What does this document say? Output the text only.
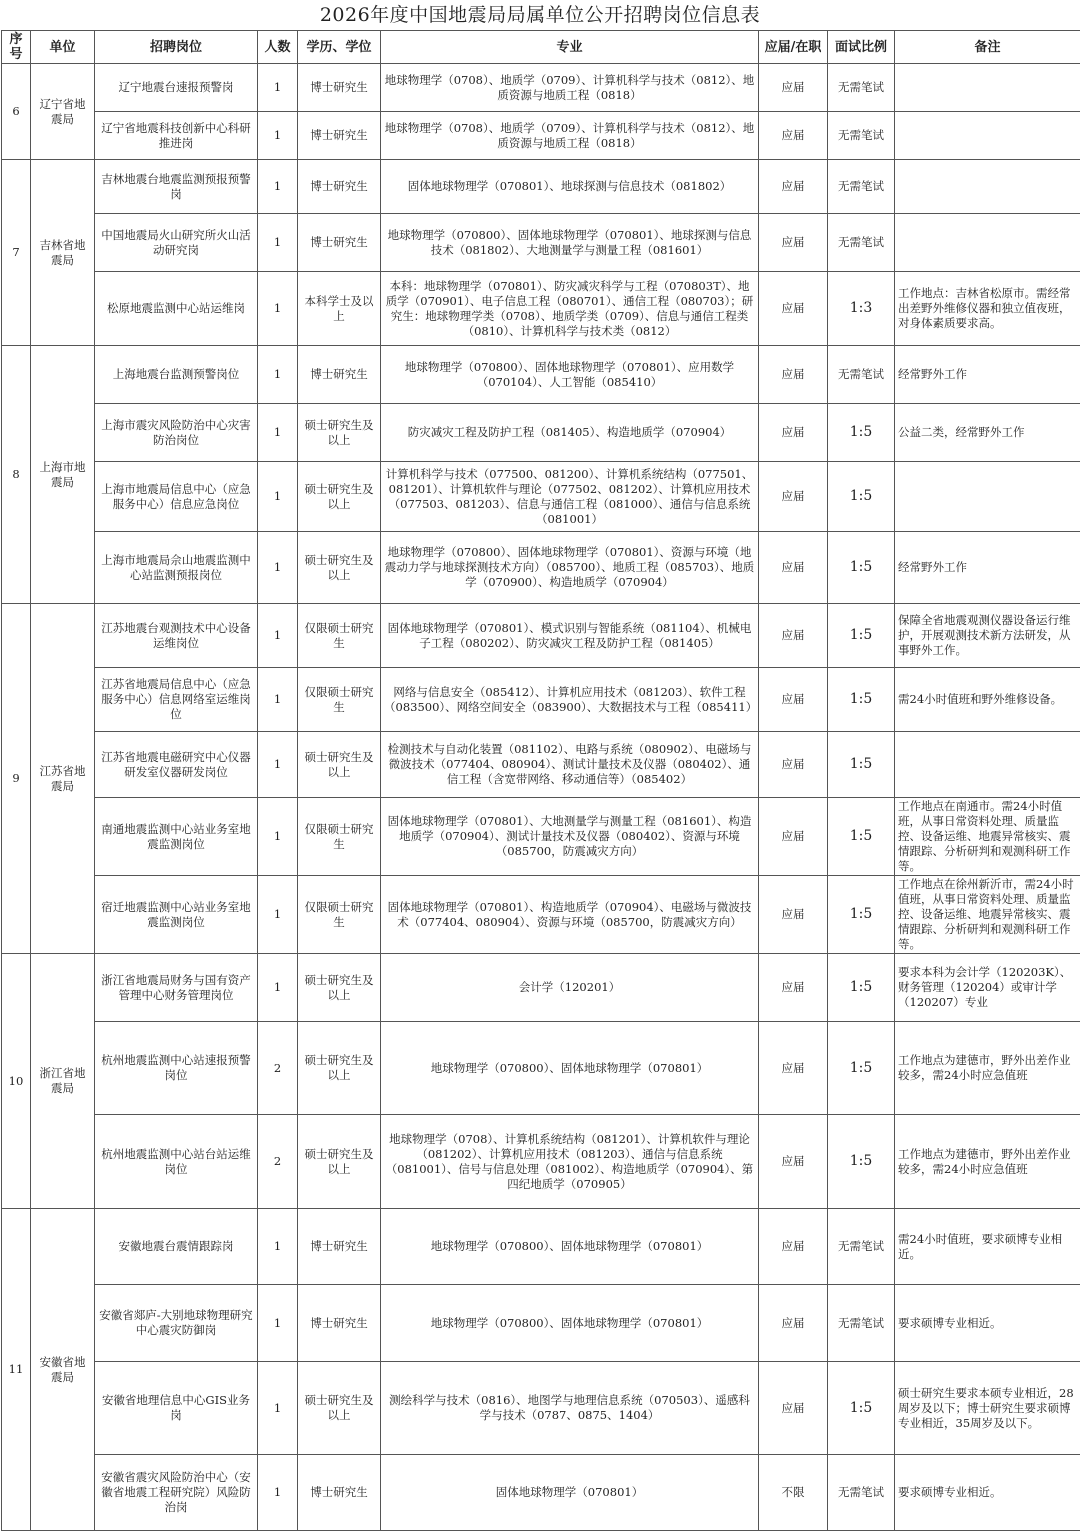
2026年度中国地震局局属单位公开招聘岗位信息表
序号	单位	招聘岗位	人数	学历、学位	专业	应届/在职	面试比例	备注
6	辽宁省地震局	辽宁地震台速报预警岗	1	博士研究生	地球物理学（0708）、地质学（0709）、计算机科学与技术（0812）、地质资源与地质工程（0818）	应届	无需笔试	
		辽宁省地震科技创新中心科研推进岗	1	博士研究生	地球物理学（0708）、地质学（0709）、计算机科学与技术（0812）、地质资源与地质工程（0818）	应届	无需笔试	
7	吉林省地震局	吉林地震台地震监测预报预警岗	1	博士研究生	固体地球物理学（070801）、地球探测与信息技术（081802）	应届	无需笔试	
		中国地震局火山研究所火山活动研究岗	1	博士研究生	地球物理学（070800）、固体地球物理学（070801）、地球探测与信息技术（081802）、大地测量学与测量工程（081601）	应届	无需笔试	
		松原地震监测中心站运维岗	1	本科学士及以上	本科：地球物理学（070801）、防灾减灾科学与工程（070803T）、地质学（070901）、电子信息工程（080701）、通信工程（080703）；研究生：地球物理学类（0708）、地质学类（0709）、信息与通信工程类（0810）、计算机科学与技术类（0812）	应届	1:3	工作地点：吉林省松原市。需经常出差野外维修仪器和独立值夜班，对身体素质要求高。
8	上海市地震局	上海地震台监测预警岗位	1	博士研究生	地球物理学（070800）、固体地球物理学（070801）、应用数学（070104）、人工智能（085410）	应届	无需笔试	经常野外工作
		上海市震灾风险防治中心灾害防治岗位	1	硕士研究生及以上	防灾减灾工程及防护工程（081405）、构造地质学（070904）	应届	1:5	公益二类，经常野外工作
		上海市地震局信息中心（应急服务中心）信息应急岗位	1	硕士研究生及以上	计算机科学与技术（077500、081200）、计算机系统结构（077501、081201）、计算机软件与理论（077502、081202）、计算机应用技术（077503、081203）、信息与通信工程（081000）、通信与信息系统（081001）	应届	1:5	
		上海市地震局佘山地震监测中心站监测预报岗位	1	硕士研究生及以上	地球物理学（070800）、固体地球物理学（070801）、资源与环境（地震动力学与地球探测技术方向）（085700）、地质工程（085703）、地质学（070900）、构造地质学（070904）	应届	1:5	经常野外工作
9	江苏省地震局	江苏地震台观测技术中心设备运维岗位	1	仅限硕士研究生	固体地球物理学（070801）、模式识别与智能系统（081104）、机械电子工程（080202）、防灾减灾工程及防护工程（081405）	应届	1:5	保障全省地震观测仪器设备运行维护，开展观测技术新方法研发，从事野外工作。
		江苏省地震局信息中心（应急服务中心）信息网络室运维岗位	1	仅限硕士研究生	网络与信息安全（085412）、计算机应用技术（081203）、软件工程（083500）、网络空间安全（083900）、大数据技术与工程（085411）	应届	1:5	需24小时值班和野外维修设备。
		江苏省地震电磁研究中心仪器研发室仪器研发岗位	1	硕士研究生及以上	检测技术与自动化装置（081102）、电路与系统（080902）、电磁场与微波技术（077404、080904）、测试计量技术及仪器（080402）、通信工程（含宽带网络、移动通信等）（085402）	应届	1:5	
		南通地震监测中心站业务室地震监测岗位	1	仅限硕士研究生	固体地球物理学（070801）、大地测量学与测量工程（081601）、构造地质学（070904）、测试计量技术及仪器（080402）、资源与环境（085700，防震减灾方向）	应届	1:5	工作地点在南通市。需24小时值班，从事日常资料处理、质量监控、设备运维、地震异常核实、震情跟踪、分析研判和观测科研工作等。
		宿迁地震监测中心站业务室地震监测岗位	1	仅限硕士研究生	固体地球物理学（070801）、构造地质学（070904）、电磁场与微波技术（077404、080904）、资源与环境（085700，防震减灾方向）	应届	1:5	工作地点在徐州新沂市，需24小时值班，从事日常资料处理、质量监控、设备运维、地震异常核实、震情跟踪、分析研判和观测科研工作等。
10	浙江省地震局	浙江省地震局财务与国有资产管理中心财务管理岗位	1	硕士研究生及以上	会计学（120201）	应届	1:5	要求本科为会计学（120203K）、财务管理（120204）或审计学（120207）专业
		杭州地震监测中心站速报预警岗位	2	硕士研究生及以上	地球物理学（070800）、固体地球物理学（070801）	应届	1:5	工作地点为建德市，野外出差作业较多，需24小时应急值班
		杭州地震监测中心站台站运维岗位	2	硕士研究生及以上	地球物理学（0708）、计算机系统结构（081201）、计算机软件与理论（081202）、计算机应用技术（081203）、通信与信息系统（081001）、信号与信息处理（081002）、构造地质学（070904）、第四纪地质学（070905）	应届	1:5	工作地点为建德市，野外出差作业较多，需24小时应急值班
11	安徽省地震局	安徽地震台震情跟踪岗	1	博士研究生	地球物理学（070800）、固体地球物理学（070801）	应届	无需笔试	需24小时值班，要求硕博专业相近。
		安徽省郯庐-大别地球物理研究中心震灾防御岗	1	博士研究生	地球物理学（070800）、固体地球物理学（070801）	应届	无需笔试	要求硕博专业相近。
		安徽省地理信息中心GIS业务岗	1	硕士研究生及以上	测绘科学与技术（0816）、地图学与地理信息系统（070503）、遥感科学与技术（0787、0875、1404）	应届	1:5	硕士研究生要求本硕专业相近，28周岁及以下；博士研究生要求硕博专业相近，35周岁及以下。
		安徽省震灾风险防治中心（安徽省地震工程研究院）风险防治岗	1	博士研究生	固体地球物理学（070801）	不限	无需笔试	要求硕博专业相近。
